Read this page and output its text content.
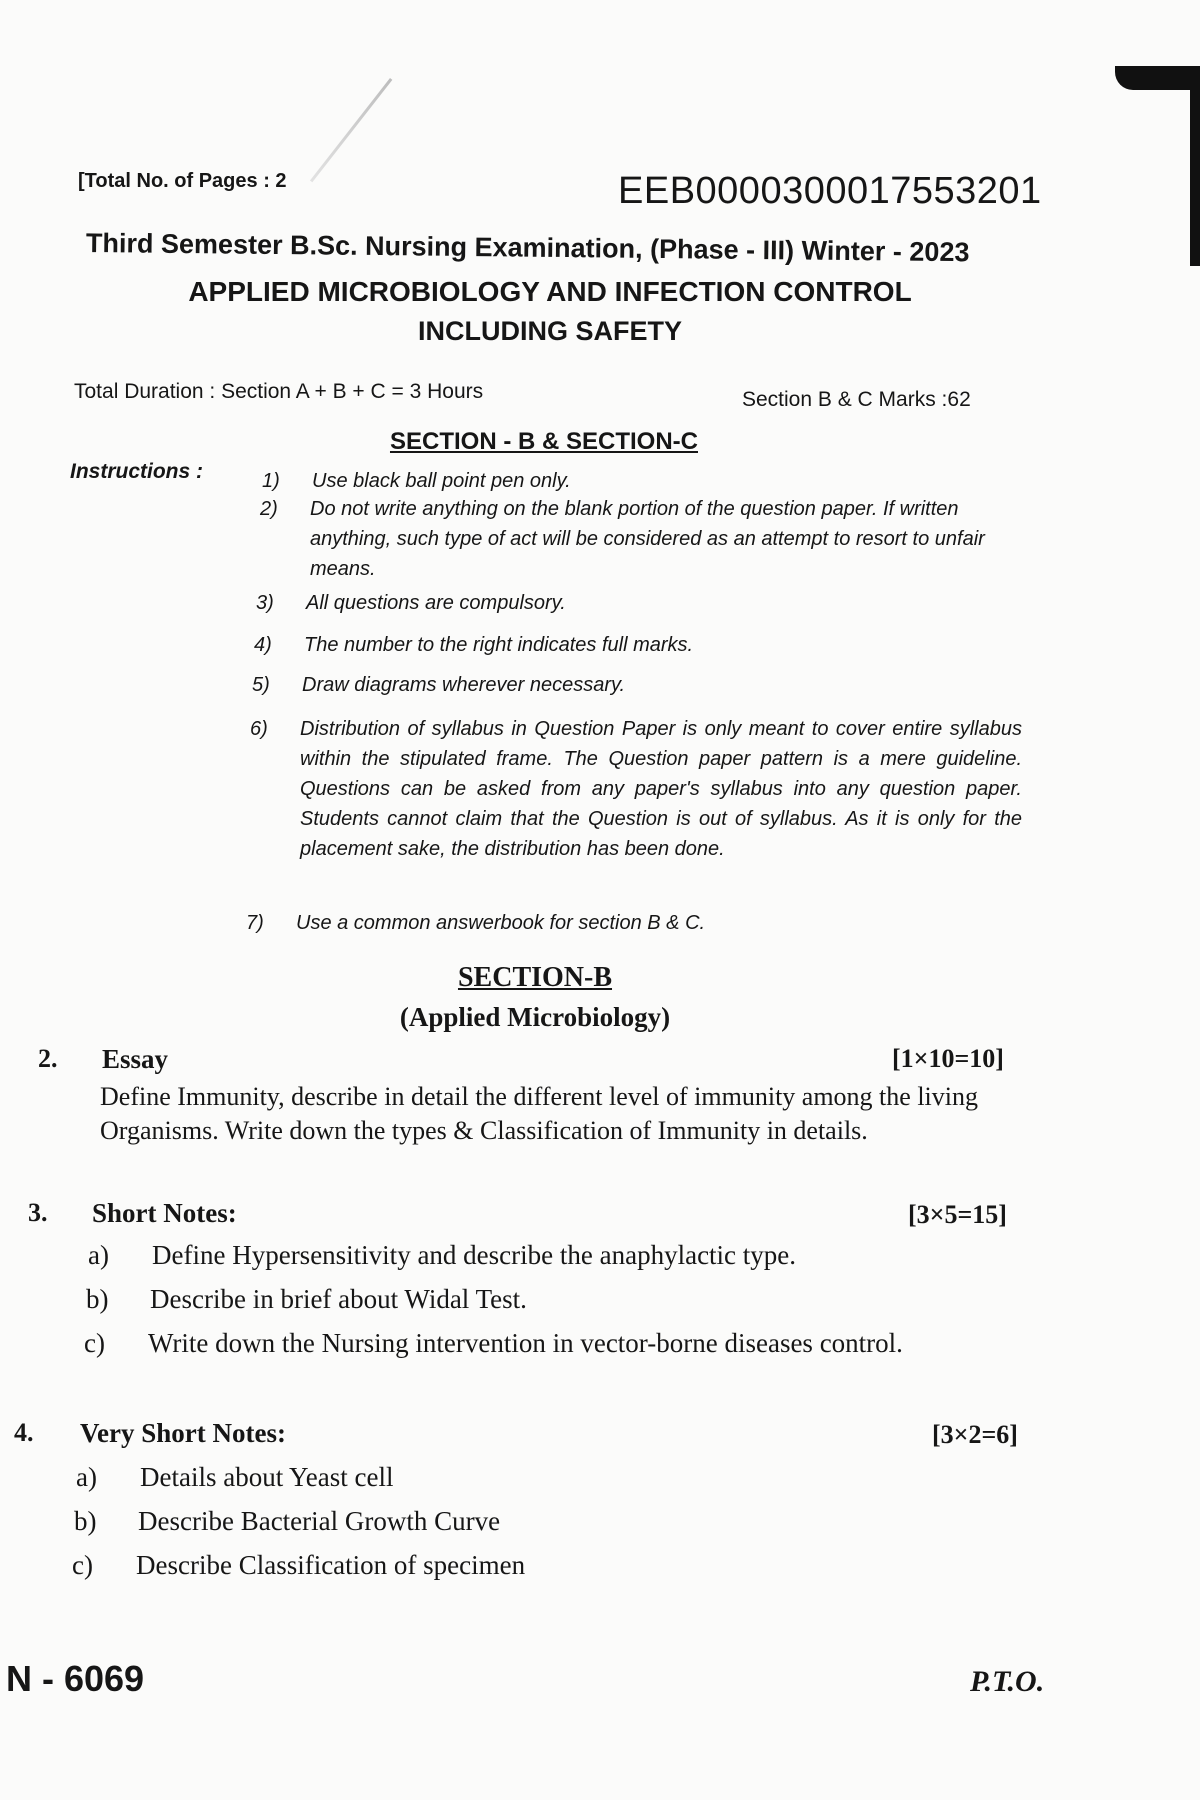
[Total No. of Pages : 2	EEB000030001755320​1
Third Semester B.Sc. Nursing Examination, (Phase - III) Winter - 2023
APPLIED MICROBIOLOGY AND INFECTION CONTROL
INCLUDING SAFETY
Total Duration : Section A + B + C = 3 Hours	Section B & C Marks :62
SECTION - B & SECTION-C
Instructions :	1) Use black ball point pen only.
2) Do not write anything on the blank portion of the question paper. If written anything, such type of act will be considered as an attempt to resort to unfair means.
3) All questions are compulsory.
4) The number to the right indicates full marks.
5) Draw diagrams wherever necessary.
6) Distribution of syllabus in Question Paper is only meant to cover entire syllabus within the stipulated frame. The Question paper pattern is a mere guideline. Questions can be asked from any paper's syllabus into any question paper. Students cannot claim that the Question is out of syllabus. As it is only for the placement sake, the distribution has been done.
7) Use a common answerbook for section B & C.
SECTION-B
(Applied Microbiology)
2. Essay	[1×10=10]
Define Immunity, describe in detail the different level of immunity among the living Organisms. Write down the types & Classification of Immunity in details.
3. Short Notes:	[3×5=15]
a) Define Hypersensitivity and describe the anaphylactic type.
b) Describe in brief about Widal Test.
c) Write down the Nursing intervention in vector-borne diseases control.
4. Very Short Notes:	[3×2=6]
a) Details about Yeast cell
b) Describe Bacterial Growth Curve
c) Describe Classification of specimen
N - 6069	P.T.O.
